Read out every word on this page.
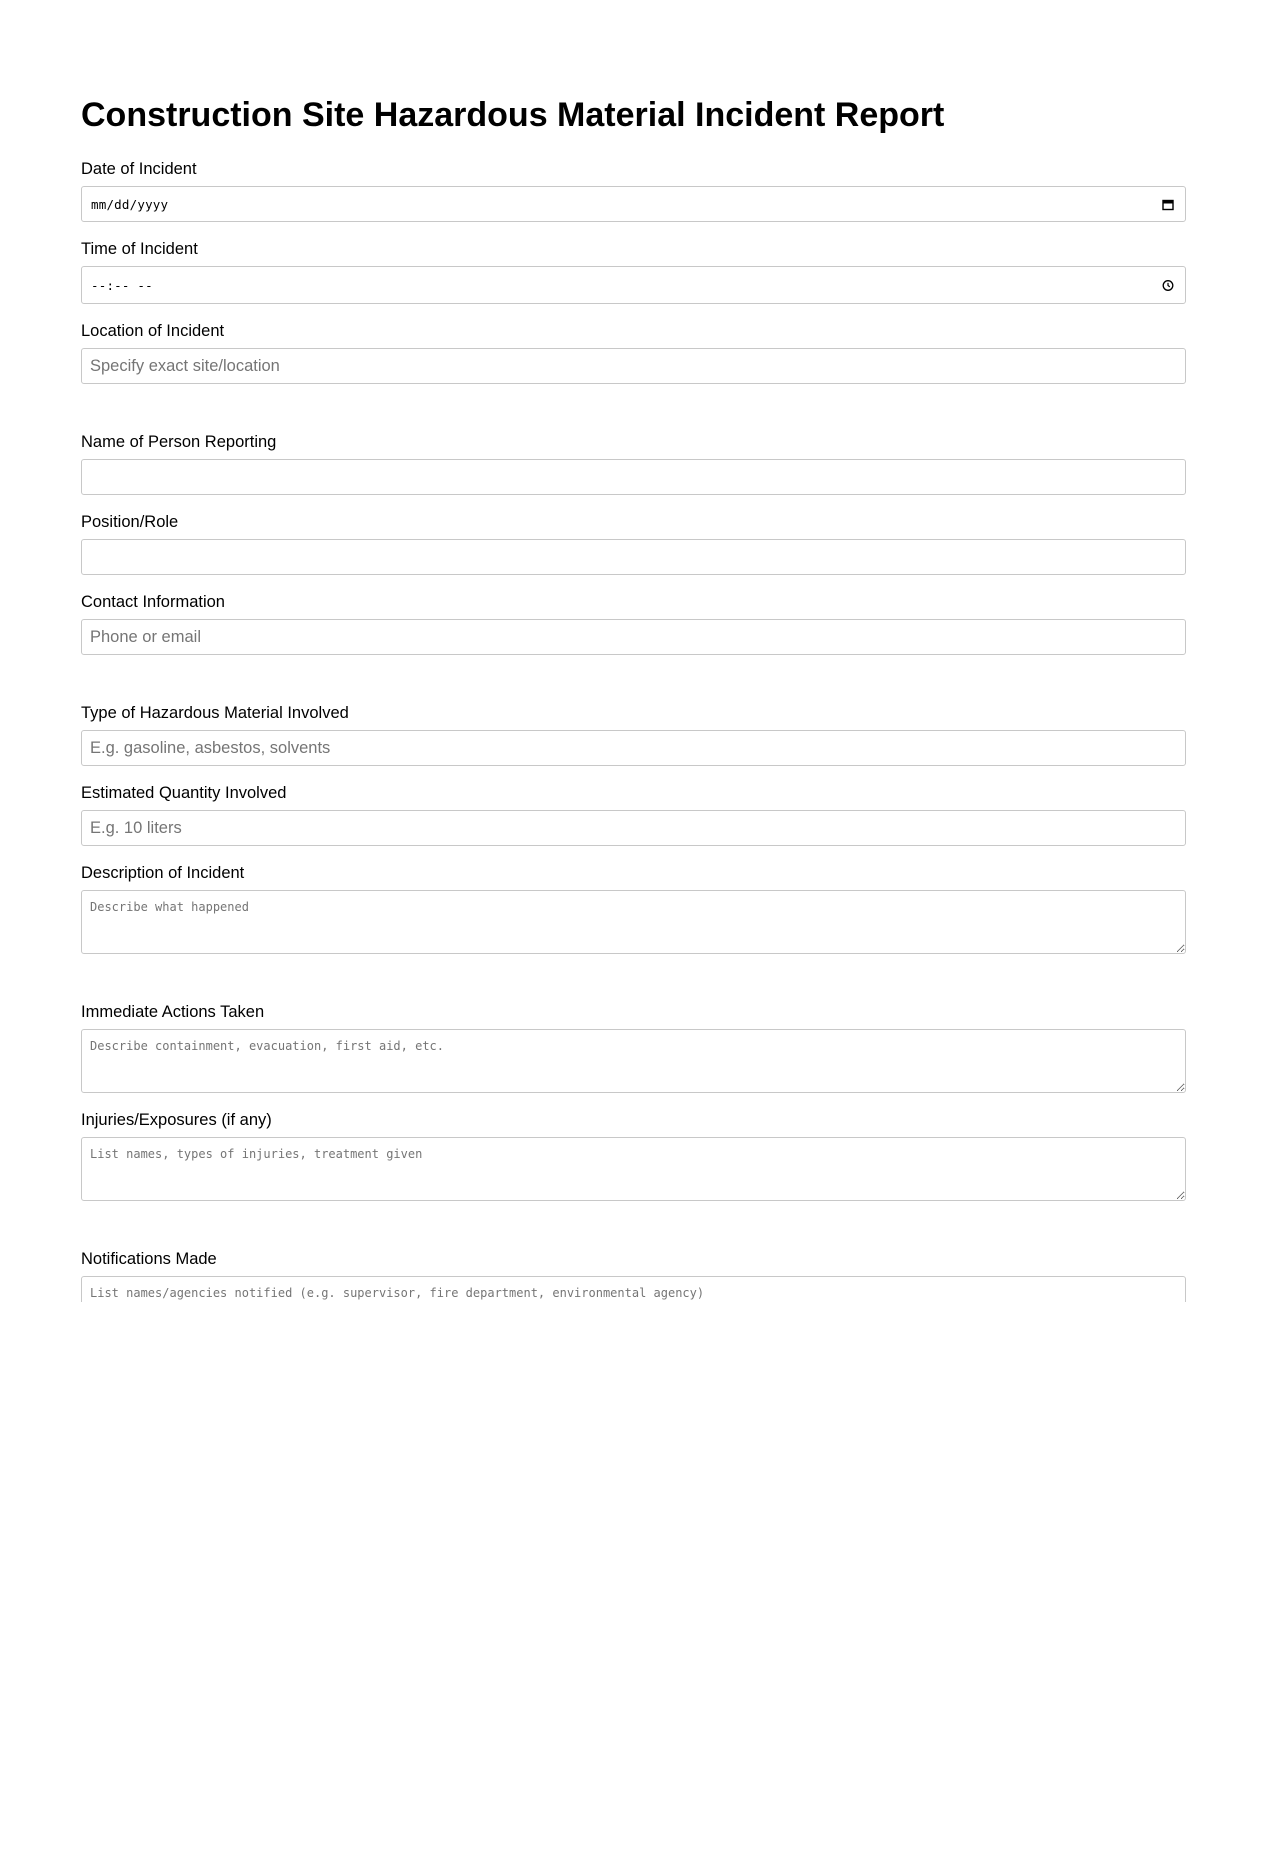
Construction Site Hazardous Material Incident Report
Date of Incident
mm/dd/yyyy
Time of Incident
--:-- --
Location of Incident
Specify exact site/location
Name of Person Reporting
Position/Role
Contact Information
Phone or email
Type of Hazardous Material Involved
E.g. gasoline, asbestos, solvents
Estimated Quantity Involved
E.g. 10 liters
Description of Incident
Describe what happened
Immediate Actions Taken
Describe containment, evacuation, first aid, etc.
Injuries/Exposures (if any)
List names, types of injuries, treatment given
Notifications Made
List names/agencies notified (e.g. supervisor, fire department, environmental agency)
